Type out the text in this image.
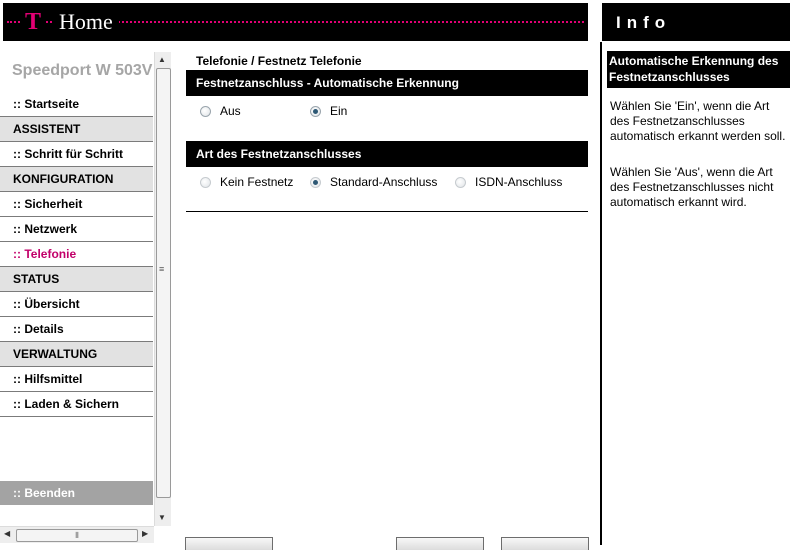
T Home	Info
Speedport W 503V
:: Startseite
ASSISTENT
:: Schritt für Schritt
KONFIGURATION
:: Sicherheit
:: Netzwerk
:: Telefonie
STATUS
:: Übersicht
:: Details
VERWALTUNG
:: Hilfsmittel
:: Laden & Sichern
:: Beenden
▲
≡
▼
◀	⦀	▶
Telefonie / Festnetz Telefonie
Festnetzanschluss - Automatische Erkennung
Aus	Ein
Art des Festnetzanschlusses
Kein Festnetz	Standard-Anschluss	ISDN-Anschluss
Automatische Erkennung des Festnetzanschlusses
Wählen Sie 'Ein', wenn die Art des Festnetzanschlusses automatisch erkannt werden soll.
Wählen Sie 'Aus', wenn die Art des Festnetzanschlusses nicht automatisch erkannt wird.
